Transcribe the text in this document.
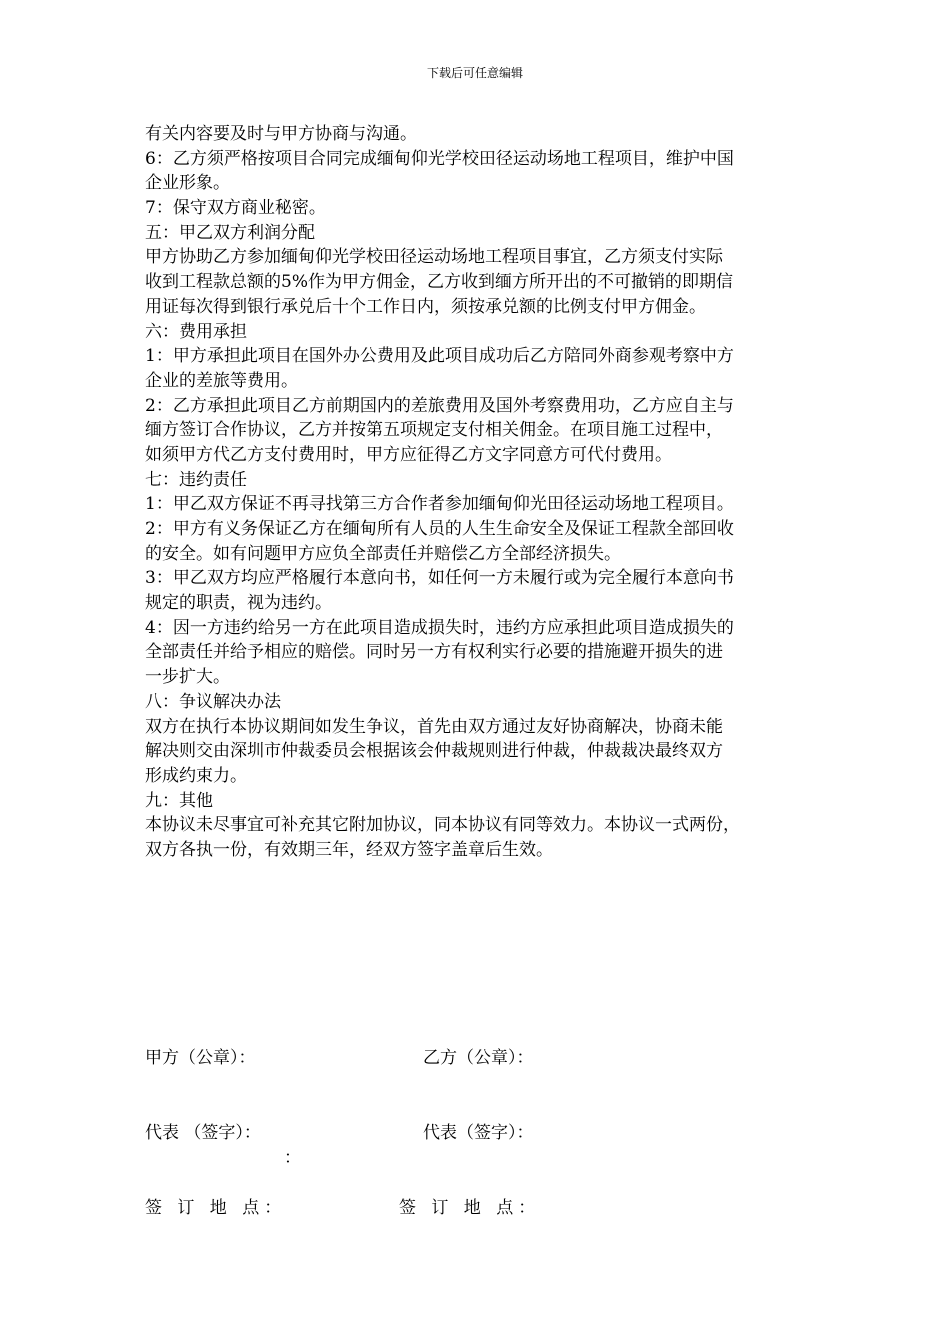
下载后可任意编辑
有关内容要及时与甲方协商与沟通。
6：乙方须严格按项目合同完成缅甸仰光学校田径运动场地工程项目，维护中国
企业形象。
7：保守双方商业秘密。
五：甲乙双方利润分配
甲方协助乙方参加缅甸仰光学校田径运动场地工程项目事宜，乙方须支付实际
收到工程款总额的5%作为甲方佣金，乙方收到缅方所开出的不可撤销的即期信
用证每次得到银行承兑后十个工作日内，须按承兑额的比例支付甲方佣金。
六：费用承担
1：甲方承担此项目在国外办公费用及此项目成功后乙方陪同外商参观考察中方
企业的差旅等费用。
2：乙方承担此项目乙方前期国内的差旅费用及国外考察费用功，乙方应自主与
缅方签订合作协议，乙方并按第五项规定支付相关佣金。在项目施工过程中，
如须甲方代乙方支付费用时，甲方应征得乙方文字同意方可代付费用。
七：违约责任
1：甲乙双方保证不再寻找第三方合作者参加缅甸仰光田径运动场地工程项目。
2：甲方有义务保证乙方在缅甸所有人员的人生生命安全及保证工程款全部回收
的安全。如有问题甲方应负全部责任并赔偿乙方全部经济损失。
3：甲乙双方均应严格履行本意向书，如任何一方未履行或为完全履行本意向书
规定的职责，视为违约。
4：因一方违约给另一方在此项目造成损失时，违约方应承担此项目造成损失的
全部责任并给予相应的赔偿。同时另一方有权利实行必要的措施避开损失的进
一步扩大。
八：争议解决办法
双方在执行本协议期间如发生争议，首先由双方通过友好协商解决，协商未能
解决则交由深圳市仲裁委员会根据该会仲裁规则进行仲裁，仲裁裁决最终双方
形成约束力。
九：其他
本协议未尽事宜可补充其它附加协议，同本协议有同等效力。本协议一式两份，
双方各执一份，有效期三年，经双方签字盖章后生效。
甲方（公章）：	乙方（公章）：
代表 （签字）：	代表（签字）：
：
签 订 地 点：	签 订 地 点：
